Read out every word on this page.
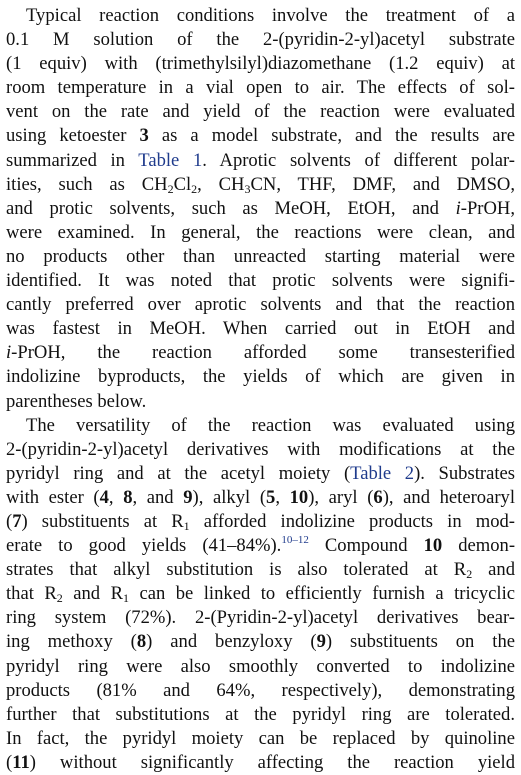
Typical reaction conditions involve the treatment of a
0.1 M solution of the 2-(pyridin-2-yl)acetyl substrate
(1 equiv) with (trimethylsilyl)diazomethane (1.2 equiv) at
room temperature in a vial open to air. The effects of sol-
vent on the rate and yield of the reaction were evaluated
using ketoester 3 as a model substrate, and the results are
summarized in Table 1. Aprotic solvents of different polar-
ities, such as $CH_2Cl_2$, $CH_3CN$, THF, DMF, and DMSO,
and protic solvents, such as MeOH, EtOH, and i-PrOH,
were examined. In general, the reactions were clean, and
no products other than unreacted starting material were
identified. It was noted that protic solvents were signifi-
cantly preferred over aprotic solvents and that the reaction
was fastest in MeOH. When carried out in EtOH and
i-PrOH, the reaction afforded some transesterified
indolizine byproducts, the yields of which are given in
parentheses below.
The versatility of the reaction was evaluated using
2-(pyridin-2-yl)acetyl derivatives with modifications at the
pyridyl ring and at the acetyl moiety (Table 2). Substrates
with ester (4, 8, and 9), alkyl (5, 10), aryl (6), and heteroaryl
(7) substituents at $R_1$ afforded indolizine products in mod-
erate to good yields (41–84%).$^{10-12}$ Compound 10 demon-
strates that alkyl substitution is also tolerated at $R_2$ and
that $R_2$ and $R_1$ can be linked to efficiently furnish a tricyclic
ring system (72%). 2-(Pyridin-2-yl)acetyl derivatives bear-
ing methoxy (8) and benzyloxy (9) substituents on the
pyridyl ring were also smoothly converted to indolizine
products (81% and 64%, respectively), demonstrating
further that substitutions at the pyridyl ring are tolerated.
In fact, the pyridyl moiety can be replaced by quinoline
(11) without significantly affecting the reaction yield
